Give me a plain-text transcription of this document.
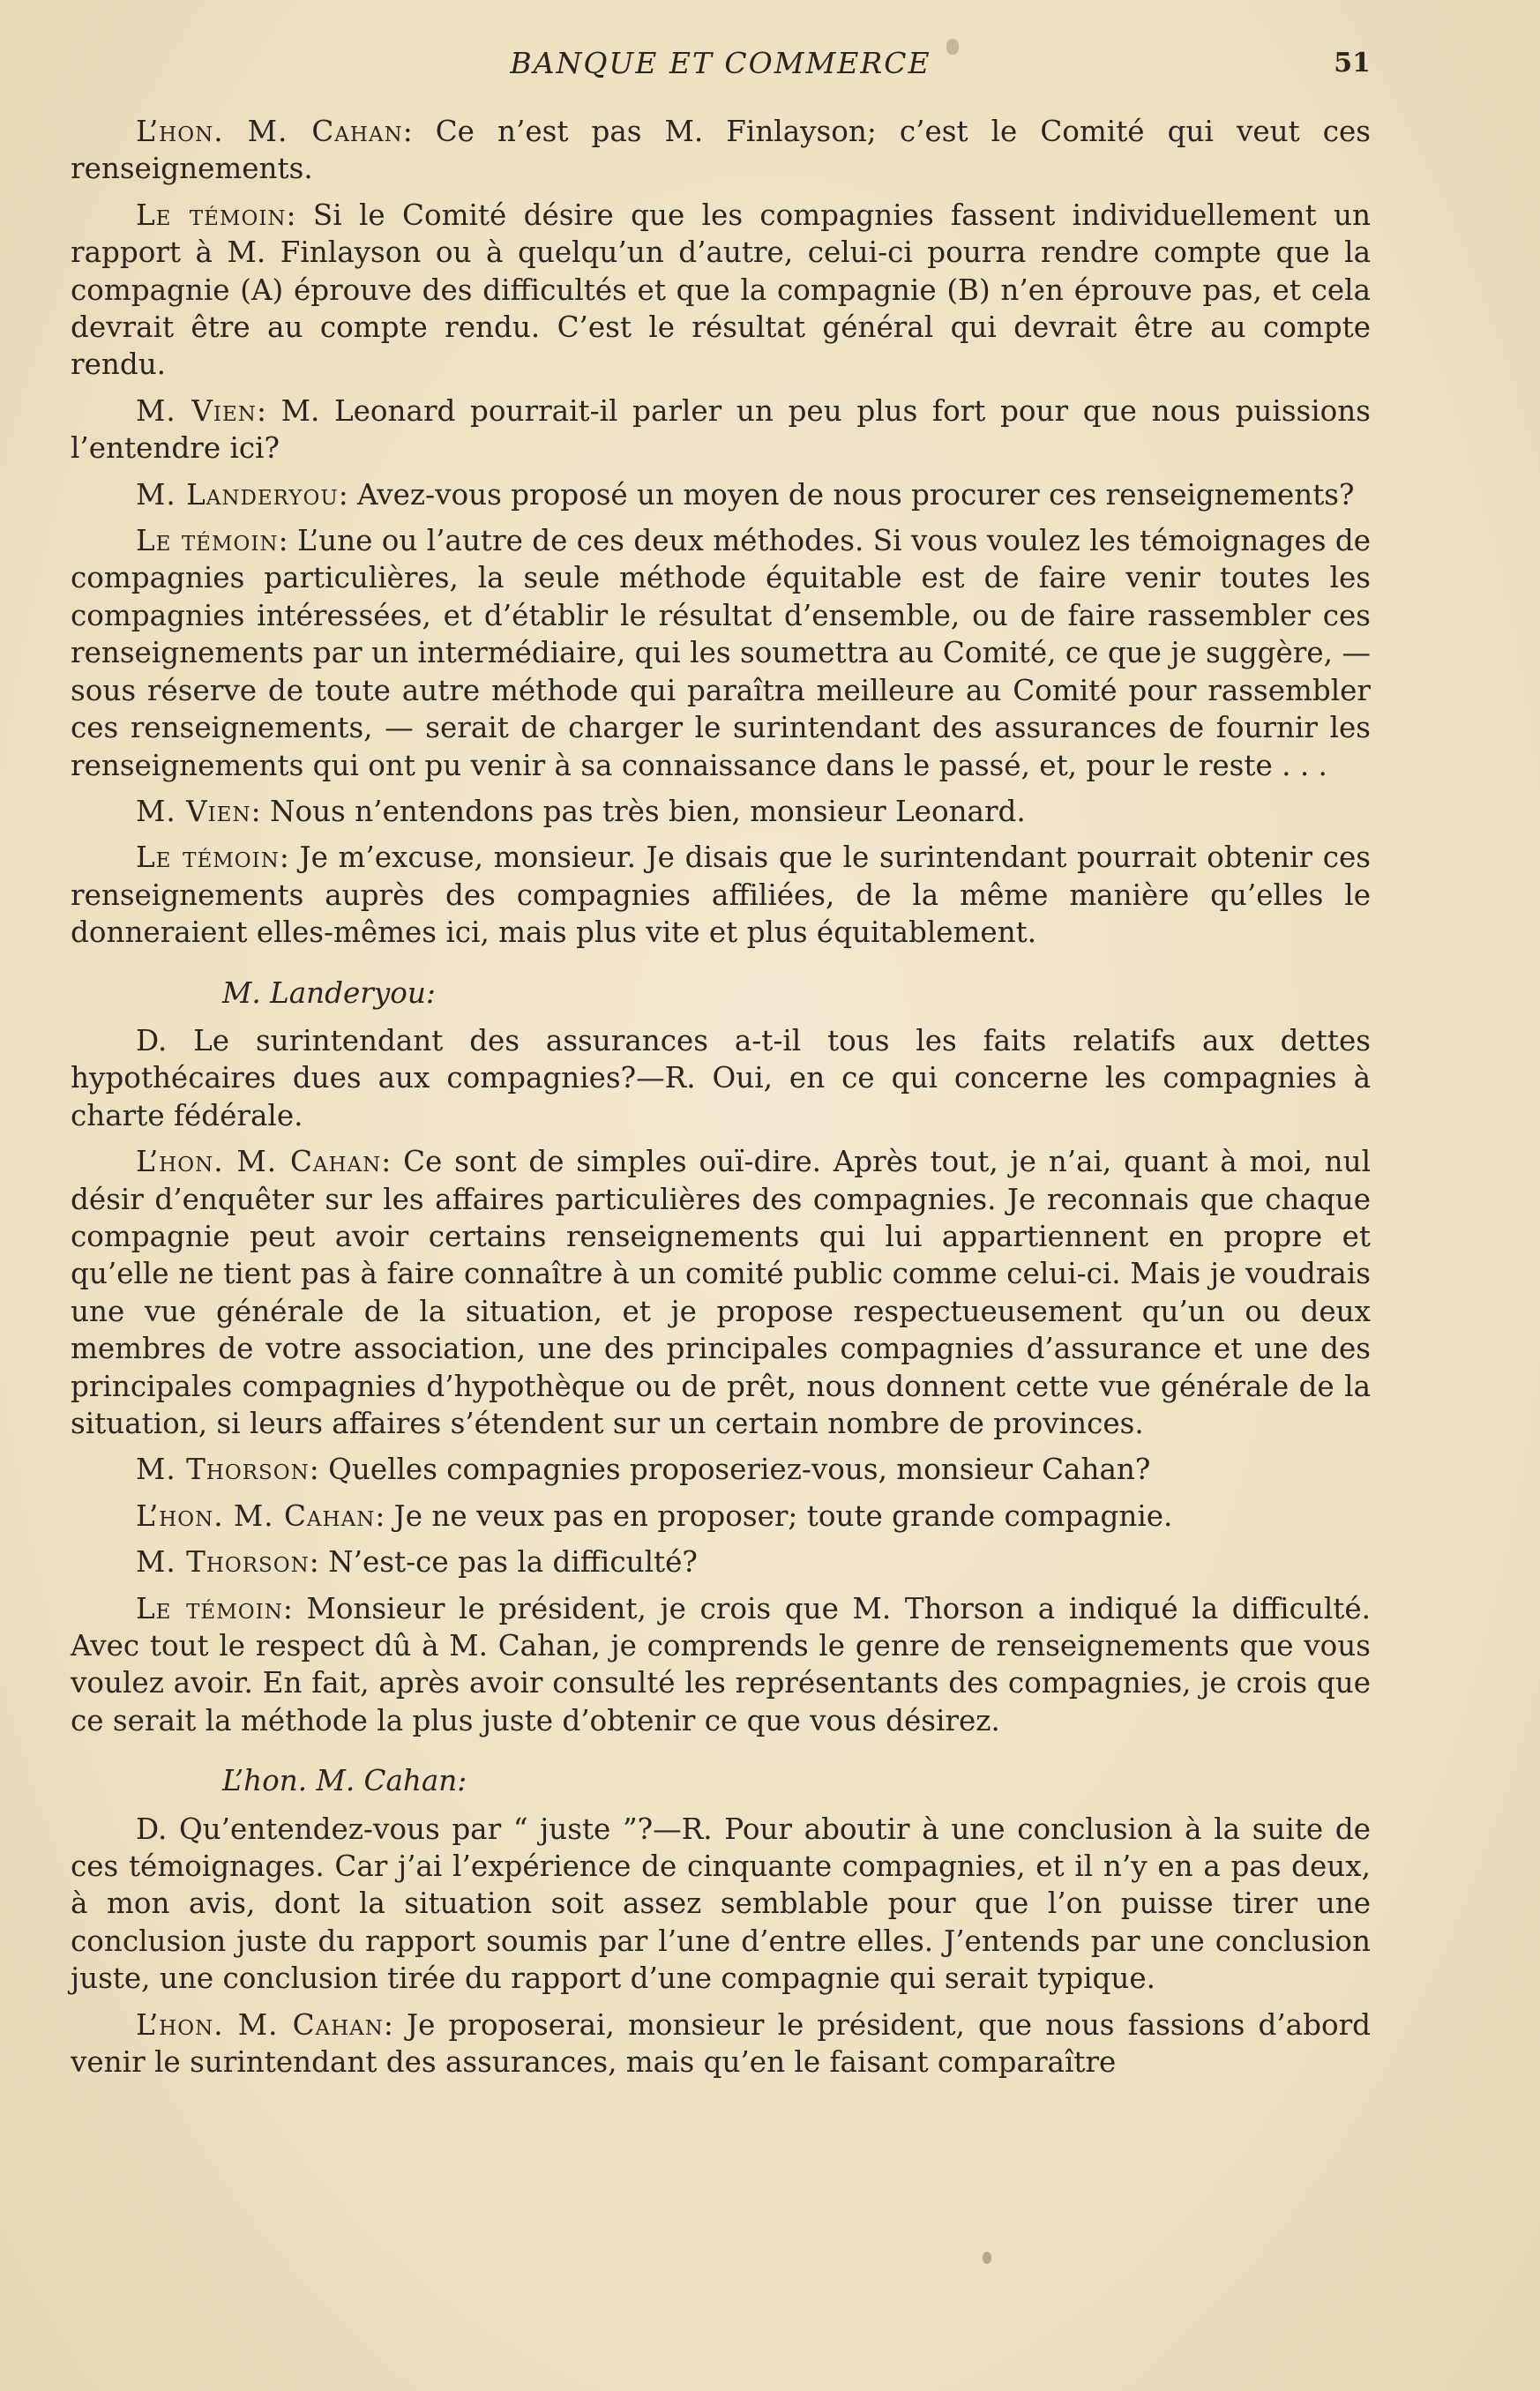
BANQUE ET COMMERCE	51

L’hon. M. Cahan: Ce n’est pas M. Finlayson; c’est le Comité qui veut ces renseignements.

Le témoin: Si le Comité désire que les compagnies fassent individuellement un rapport à M. Finlayson ou à quelqu’un d’autre, celui-ci pourra rendre compte que la compagnie (A) éprouve des difficultés et que la compagnie (B) n’en éprouve pas, et cela devrait être au compte rendu. C’est le résultat général qui devrait être au compte rendu.

M. Vien: M. Leonard pourrait-il parler un peu plus fort pour que nous puissions l’entendre ici?

M. Landeryou: Avez-vous proposé un moyen de nous procurer ces renseignements?

Le témoin: L’une ou l’autre de ces deux méthodes. Si vous voulez les témoignages de compagnies particulières, la seule méthode équitable est de faire venir toutes les compagnies intéressées, et d’établir le résultat d’ensemble, ou de faire rassembler ces renseignements par un intermédiaire, qui les soumettra au Comité, ce que je suggère, — sous réserve de toute autre méthode qui paraîtra meilleure au Comité pour rassembler ces renseignements, — serait de charger le surintendant des assurances de fournir les renseignements qui ont pu venir à sa connaissance dans le passé, et, pour le reste . . .

M. Vien: Nous n’entendons pas très bien, monsieur Leonard.

Le témoin: Je m’excuse, monsieur. Je disais que le surintendant pourrait obtenir ces renseignements auprès des compagnies affiliées, de la même manière qu’elles le donneraient elles-mêmes ici, mais plus vite et plus équitablement.

M. Landeryou:

D. Le surintendant des assurances a-t-il tous les faits relatifs aux dettes hypothécaires dues aux compagnies?—R. Oui, en ce qui concerne les compagnies à charte fédérale.

L’hon. M. Cahan: Ce sont de simples ouï-dire. Après tout, je n’ai, quant à moi, nul désir d’enquêter sur les affaires particulières des compagnies. Je reconnais que chaque compagnie peut avoir certains renseignements qui lui appartiennent en propre et qu’elle ne tient pas à faire connaître à un comité public comme celui-ci. Mais je voudrais une vue générale de la situation, et je propose respectueusement qu’un ou deux membres de votre association, une des principales compagnies d’assurance et une des principales compagnies d’hypothèque ou de prêt, nous donnent cette vue générale de la situation, si leurs affaires s’étendent sur un certain nombre de provinces.

M. Thorson: Quelles compagnies proposeriez-vous, monsieur Cahan?

L’hon. M. Cahan: Je ne veux pas en proposer; toute grande compagnie.

M. Thorson: N’est-ce pas la difficulté?

Le témoin: Monsieur le président, je crois que M. Thorson a indiqué la difficulté. Avec tout le respect dû à M. Cahan, je comprends le genre de renseignements que vous voulez avoir. En fait, après avoir consulté les représentants des compagnies, je crois que ce serait la méthode la plus juste d’obtenir ce que vous désirez.

L’hon. M. Cahan:

D. Qu’entendez-vous par “ juste ”?—R. Pour aboutir à une conclusion à la suite de ces témoignages. Car j’ai l’expérience de cinquante compagnies, et il n’y en a pas deux, à mon avis, dont la situation soit assez semblable pour que l’on puisse tirer une conclusion juste du rapport soumis par l’une d’entre elles. J’entends par une conclusion juste, une conclusion tirée du rapport d’une compagnie qui serait typique.

L’hon. M. Cahan: Je proposerai, monsieur le président, que nous fassions d’abord venir le surintendant des assurances, mais qu’en le faisant comparaître
